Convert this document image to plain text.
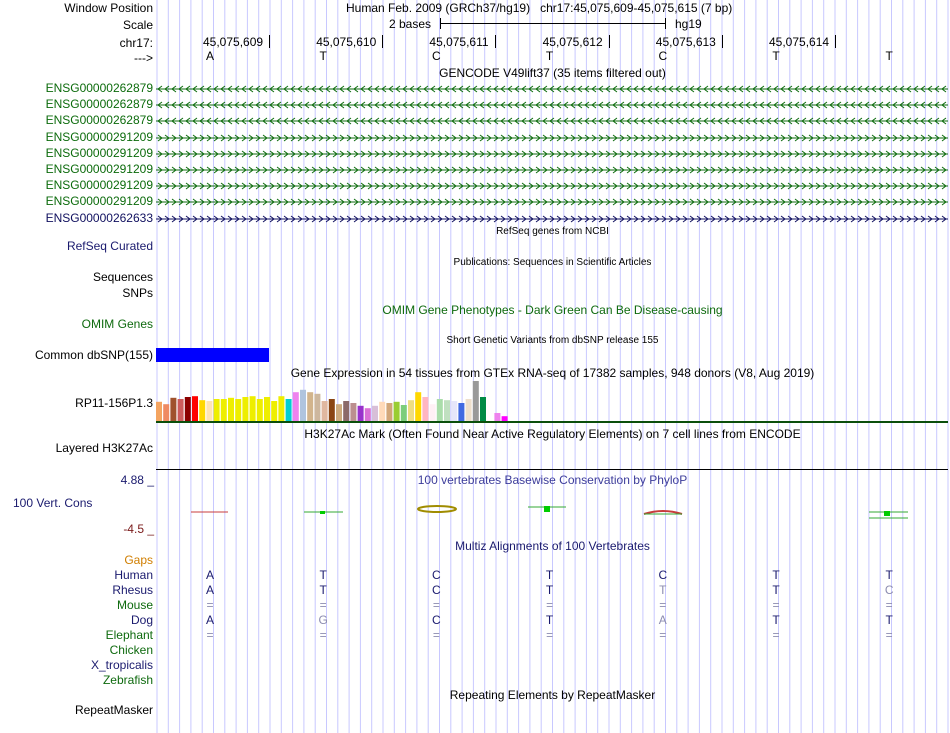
Window Position
Scale
chr17:
--->
Human Feb. 2009 (GRCh37/hg19)   chr17:45,075,609-45,075,615 (7 bp)
2 bases	hg19
45,075,609	45,075,610	45,075,611	45,075,612	45,075,613	45,075,614
A	T	C	T	C	T	T
GENCODE V49lift37 (35 items filtered out)
ENSG00000262879
ENSG00000262879
ENSG00000262879
ENSG00000291209
ENSG00000291209
ENSG00000291209
ENSG00000291209
ENSG00000291209
ENSG00000262633
RefSeq genes from NCBI
RefSeq Curated
Publications: Sequences in Scientific Articles
Sequences
SNPs
OMIM Gene Phenotypes - Dark Green Can Be Disease-causing
OMIM Genes
Short Genetic Variants from dbSNP release 155
Common dbSNP(155)
Gene Expression in 54 tissues from GTEx RNA-seq of 17382 samples, 948 donors (V8, Aug 2019)
RP11-156P1.3
H3K27Ac Mark (Often Found Near Active Regulatory Elements) on 7 cell lines from ENCODE
Layered H3K27Ac
100 vertebrates Basewise Conservation by PhyloP
4.88 _
100 Vert. Cons
-4.5 _
Multiz Alignments of 100 Vertebrates
Gaps
Human	A	T	C	T	C	T	T
Rhesus	A	T	C	T	T	T	C
Mouse	=	=	=	=	=	=	=
Dog	A	G	C	T	A	T	T
Elephant	=	=	=	=	=	=	=
Chicken
X_tropicalis
Zebrafish
Repeating Elements by RepeatMasker
RepeatMasker
